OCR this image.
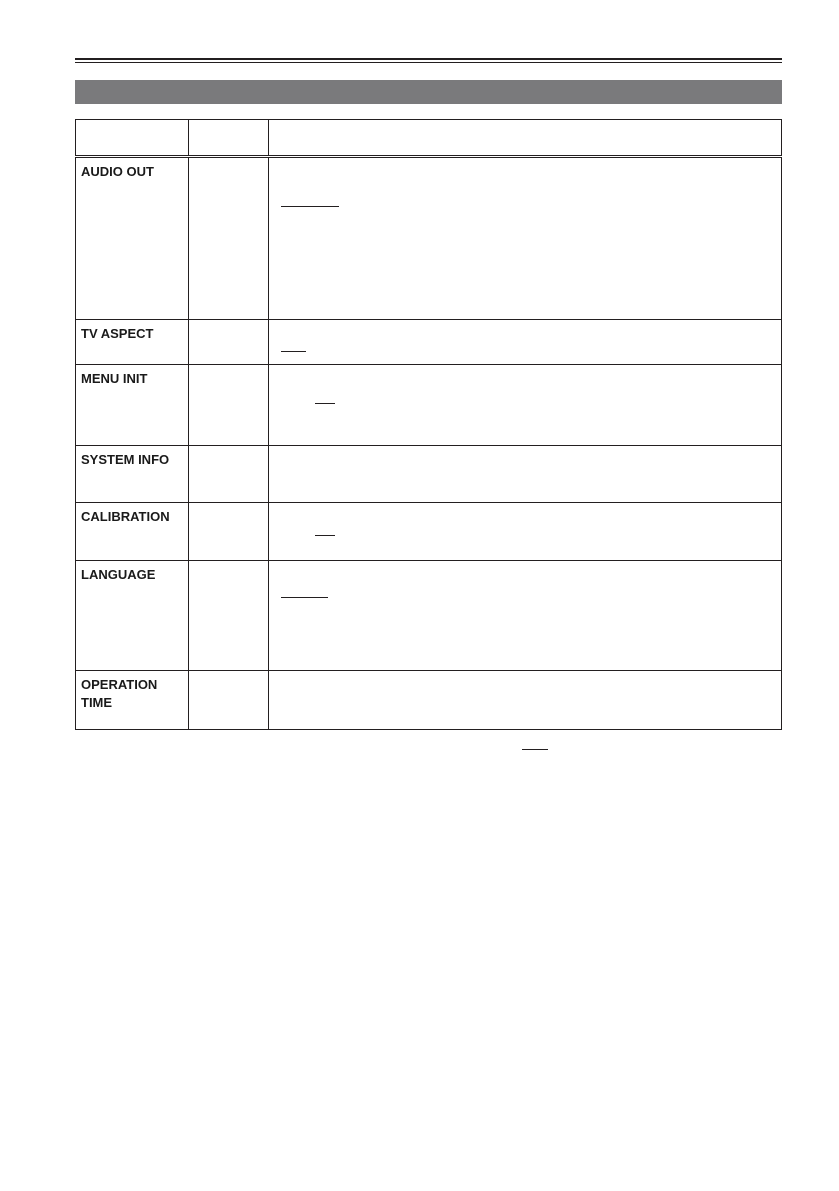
AUDIO OUT		

TV ASPECT		

MENU INIT		

SYSTEM INFO		

CALIBRATION		

LANGUAGE		

OPERATION
TIME		
